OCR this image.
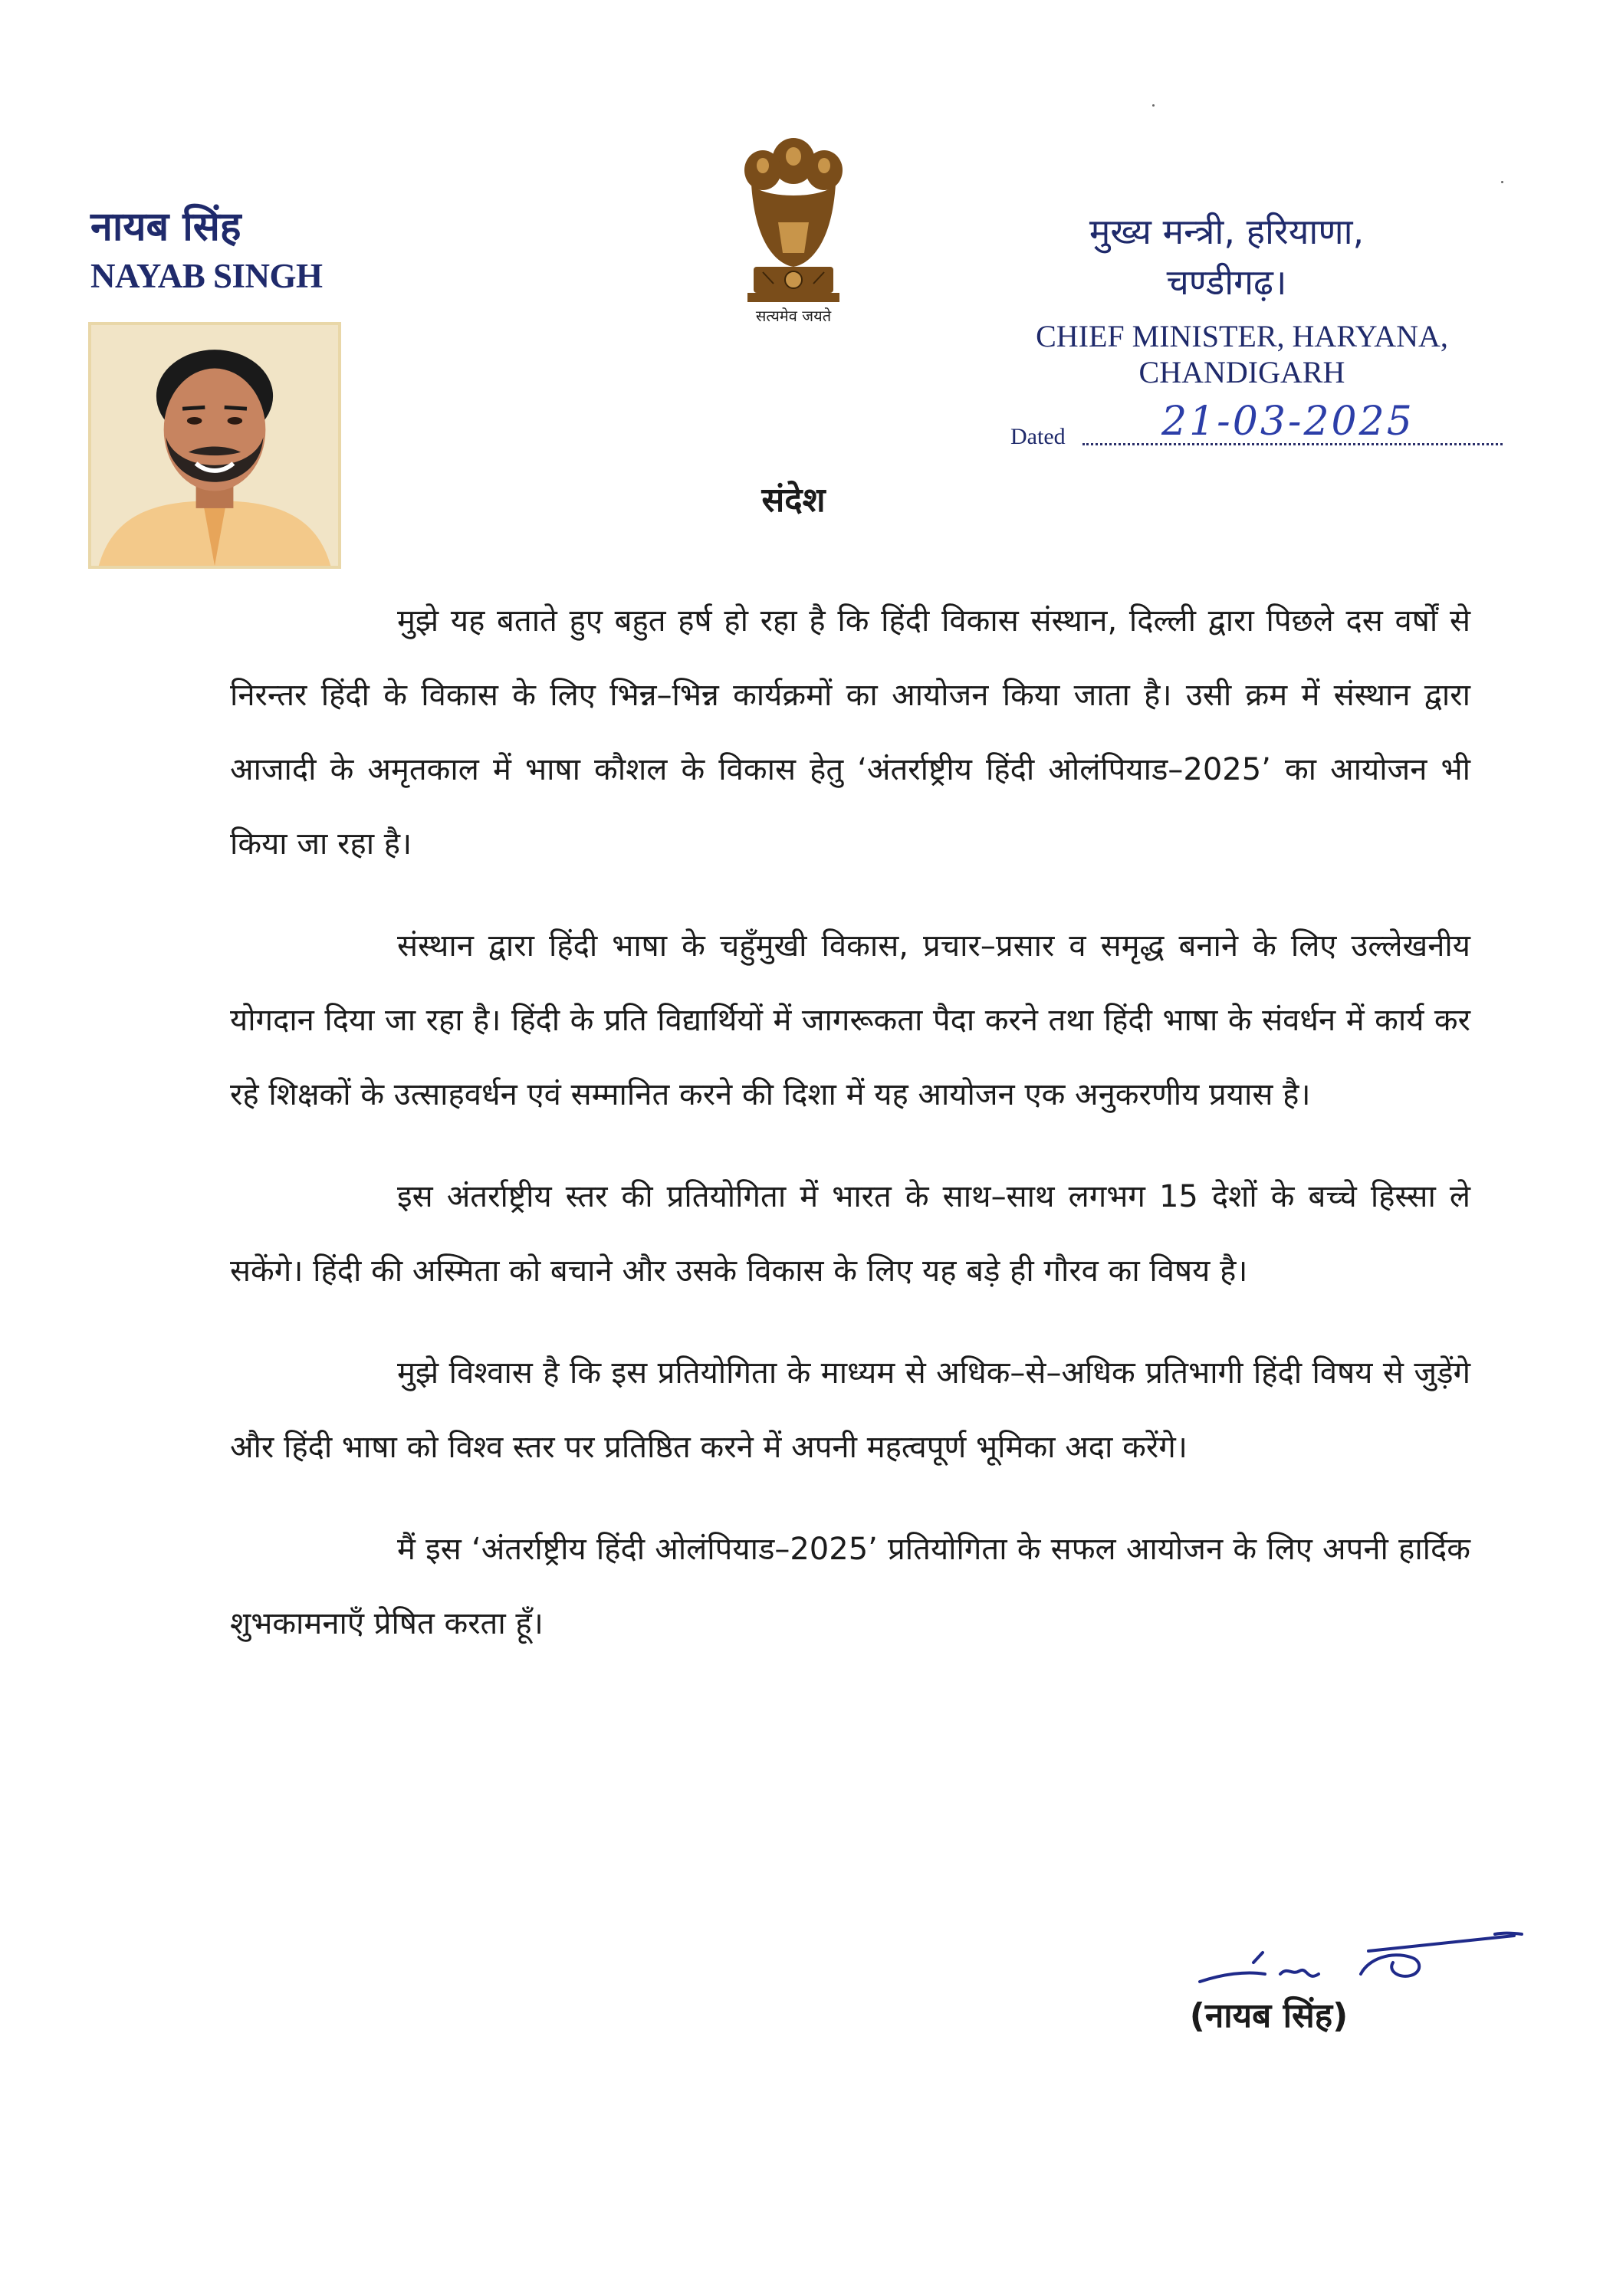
नायब सिंह
NAYAB SINGH
सत्यमेव जयते
मुख्य मन्त्री, हरियाणा,
चण्डीगढ़।
CHIEF MINISTER, HARYANA,
CHANDIGARH
Dated 21-03-2025
संदेश

मुझे यह बताते हुए बहुत हर्ष हो रहा है कि हिंदी विकास संस्थान, दिल्ली द्वारा पिछले दस वर्षों से निरन्तर हिंदी के विकास के लिए भिन्न–भिन्न कार्यक्रमों का आयोजन किया जाता है। उसी क्रम में संस्थान द्वारा आजादी के अमृतकाल में भाषा कौशल के विकास हेतु ‘अंतर्राष्ट्रीय हिंदी ओलंपियाड–2025’ का आयोजन भी किया जा रहा है।

संस्थान द्वारा हिंदी भाषा के चहुँमुखी विकास, प्रचार–प्रसार व समृद्ध बनाने के लिए उल्लेखनीय योगदान दिया जा रहा है। हिंदी के प्रति विद्यार्थियों में जागरूकता पैदा करने तथा हिंदी भाषा के संवर्धन में कार्य कर रहे शिक्षकों के उत्साहवर्धन एवं सम्मानित करने की दिशा में यह आयोजन एक अनुकरणीय प्रयास है।

इस अंतर्राष्ट्रीय स्तर की प्रतियोगिता में भारत के साथ–साथ लगभग 15 देशों के बच्चे हिस्सा ले सकेंगे। हिंदी की अस्मिता को बचाने और उसके विकास के लिए यह बड़े ही गौरव का विषय है।

मुझे विश्वास है कि इस प्रतियोगिता के माध्यम से अधिक–से–अधिक प्रतिभागी हिंदी विषय से जुड़ेंगे और हिंदी भाषा को विश्व स्तर पर प्रतिष्ठित करने में अपनी महत्वपूर्ण भूमिका अदा करेंगे।

मैं इस ‘अंतर्राष्ट्रीय हिंदी ओलंपियाड–2025’ प्रतियोगिता के सफल आयोजन के लिए अपनी हार्दिक शुभकामनाएँ प्रेषित करता हूँ।

(नायब सिंह)
